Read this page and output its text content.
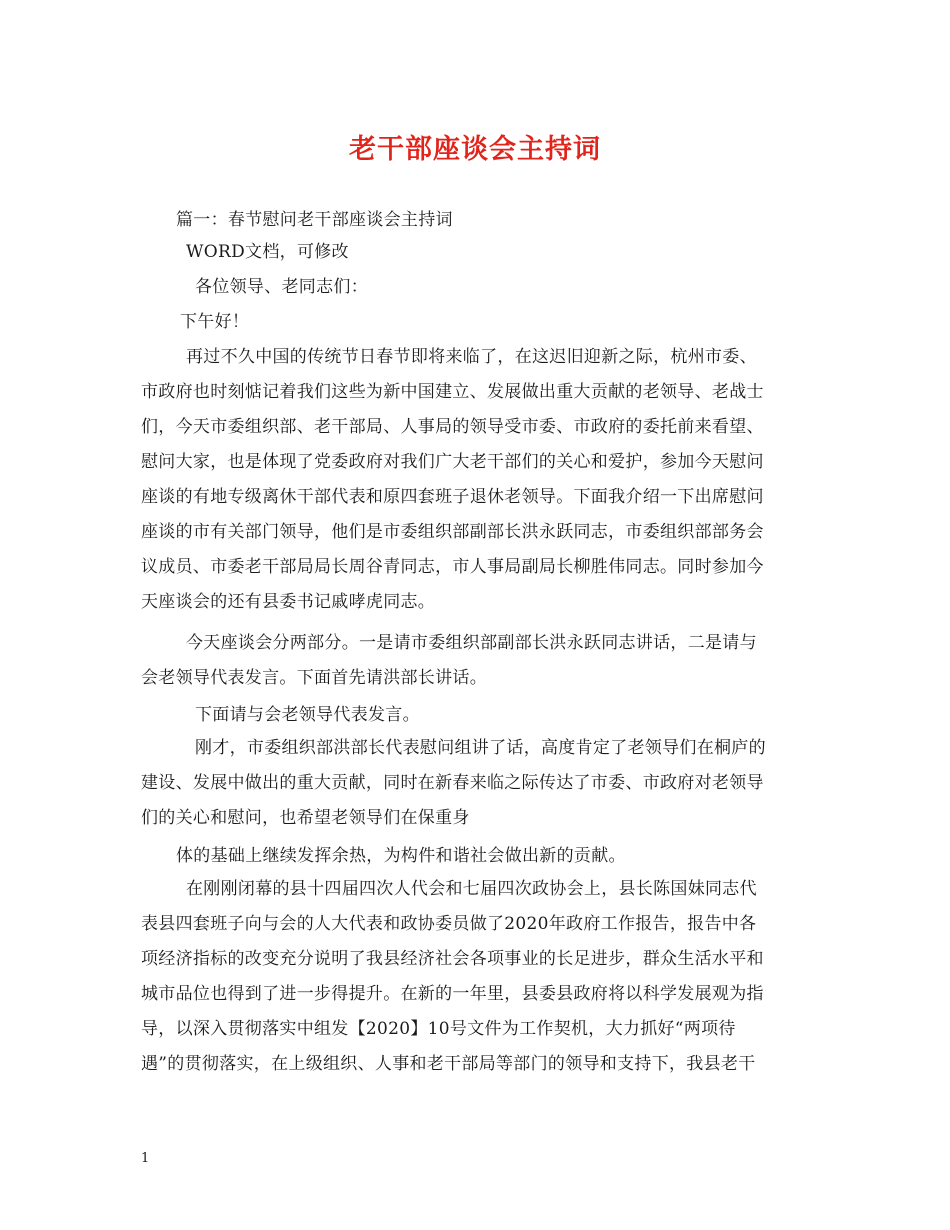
老干部座谈会主持词
篇一：春节慰问老干部座谈会主持词
WORD文档，可修改
各位领导、老同志们：
下午好！
再过不久中国的传统节日春节即将来临了，在这迟旧迎新之际，杭州市委、
市政府也时刻惦记着我们这些为新中国建立、发展做出重大贡献的老领导、老战士
们，今天市委组织部、老干部局、人事局的领导受市委、市政府的委托前来看望、
慰问大家，也是体现了党委政府对我们广大老干部们的关心和爱护，参加今天慰问
座谈的有地专级离休干部代表和原四套班子退休老领导。下面我介绍一下出席慰问
座谈的市有关部门领导，他们是市委组织部副部长洪永跃同志，市委组织部部务会
议成员、市委老干部局局长周谷青同志，市人事局副局长柳胜伟同志。同时参加今
天座谈会的还有县委书记戚哮虎同志。
今天座谈会分两部分。一是请市委组织部副部长洪永跃同志讲话，二是请与
会老领导代表发言。下面首先请洪部长讲话。
下面请与会老领导代表发言。
刚才，市委组织部洪部长代表慰问组讲了话，高度肯定了老领导们在桐庐的
建设、发展中做出的重大贡献，同时在新春来临之际传达了市委、市政府对老领导
们的关心和慰问，也希望老领导们在保重身
体的基础上继续发挥余热，为构件和谐社会做出新的贡献。
在刚刚闭幕的县十四届四次人代会和七届四次政协会上，县长陈国妹同志代
表县四套班子向与会的人大代表和政协委员做了2020年政府工作报告，报告中各
项经济指标的改变充分说明了我县经济社会各项事业的长足进步，群众生活水平和
城市品位也得到了进一步得提升。在新的一年里，县委县政府将以科学发展观为指
导，以深入贯彻落实中组发【2020】10号文件为工作契机，大力抓好“两项待
遇”的贯彻落实，在上级组织、人事和老干部局等部门的领导和支持下，我县老干
1
